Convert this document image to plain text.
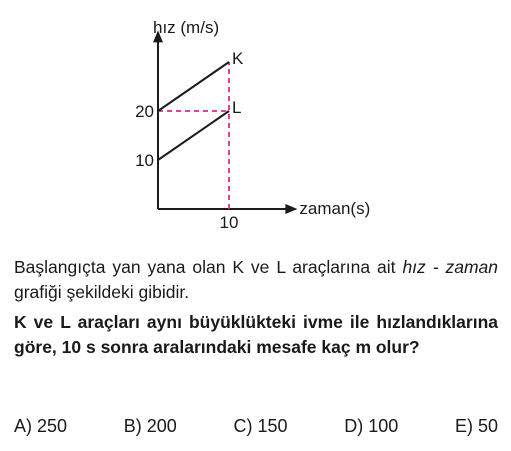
K
L
10
20
10
hız (m/s)
zaman(s)
Başlangıçta yan yana olan K ve L araçlarına ait hız - zaman grafiği şekildeki gibidir.
K ve L araçları aynı büyüklükteki ivme ile hızlandıklarına göre, 10 s sonra aralarındaki mesafe kaç m olur?
A) 250	B) 200	C) 150	D) 100	E) 50
